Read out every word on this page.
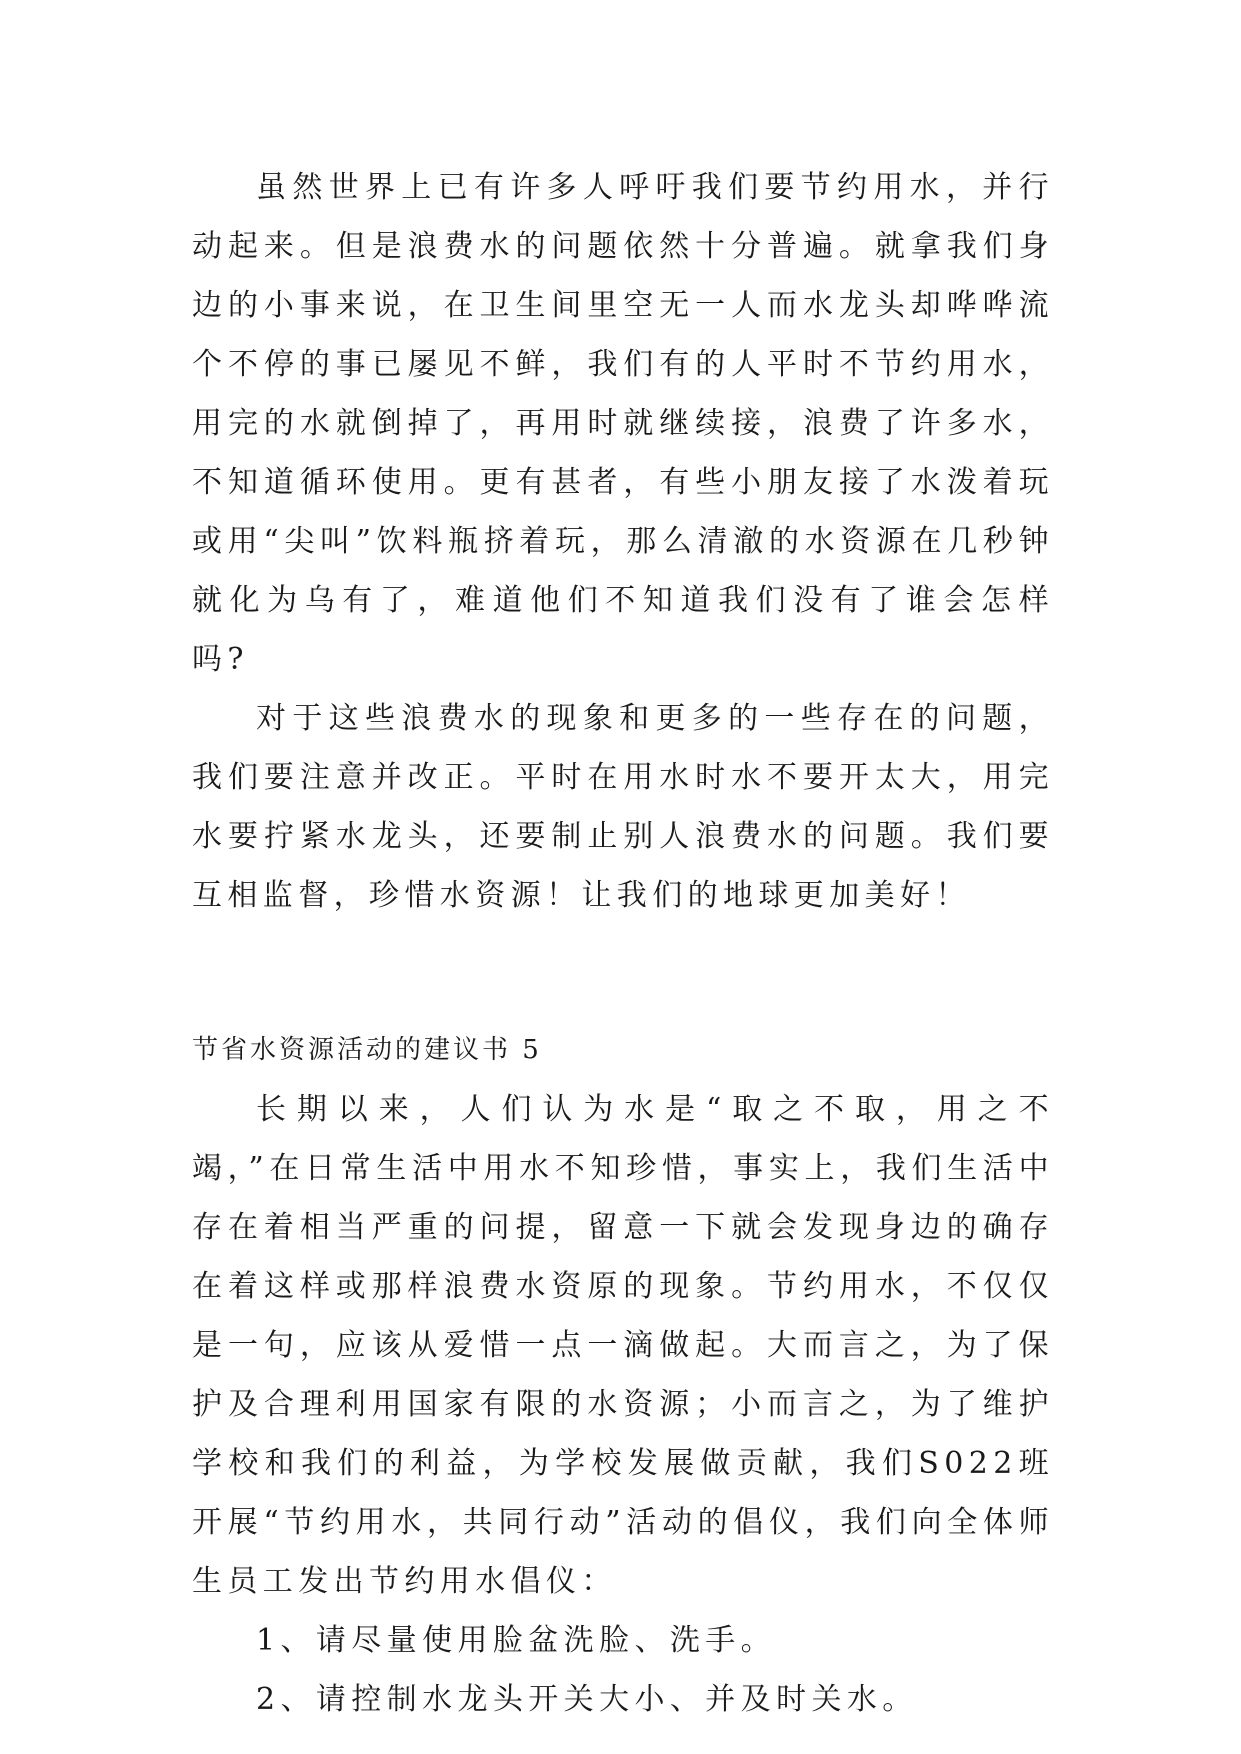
虽然世界上已有许多人呼吁我们要节约用水，并行动起来。但是浪费水的问题依然十分普遍。就拿我们身边的小事来说，在卫生间里空无一人而水龙头却哗哗流个不停的事已屡见不鲜，我们有的人平时不节约用水，用完的水就倒掉了，再用时就继续接，浪费了许多水，不知道循环使用。更有甚者，有些小朋友接了水泼着玩或用“尖叫”饮料瓶挤着玩，那么清澈的水资源在几秒钟就化为乌有了，难道他们不知道我们没有了谁会怎样吗?

对于这些浪费水的现象和更多的一些存在的问题，我们要注意并改正。平时在用水时水不要开太大，用完水要拧紧水龙头，还要制止别人浪费水的问题。我们要互相监督，珍惜水资源！让我们的地球更加美好！

节省水资源活动的建议书 5

长期以来，人们认为水是“取之不取，用之不竭，”在日常生活中用水不知珍惜，事实上，我们生活中存在着相当严重的问提，留意一下就会发现身边的确存在着这样或那样浪费水资原的现象。节约用水，不仅仅是一句，应该从爱惜一点一滴做起。大而言之，为了保护及合理利用国家有限的水资源；小而言之，为了维护学校和我们的利益，为学校发展做贡献，我们S022班开展“节约用水，共同行动”活动的倡仪，我们向全体师生员工发出节约用水倡仪：

1、请尽量使用脸盆洗脸、洗手。

2、请控制水龙头开关大小、并及时关水。
